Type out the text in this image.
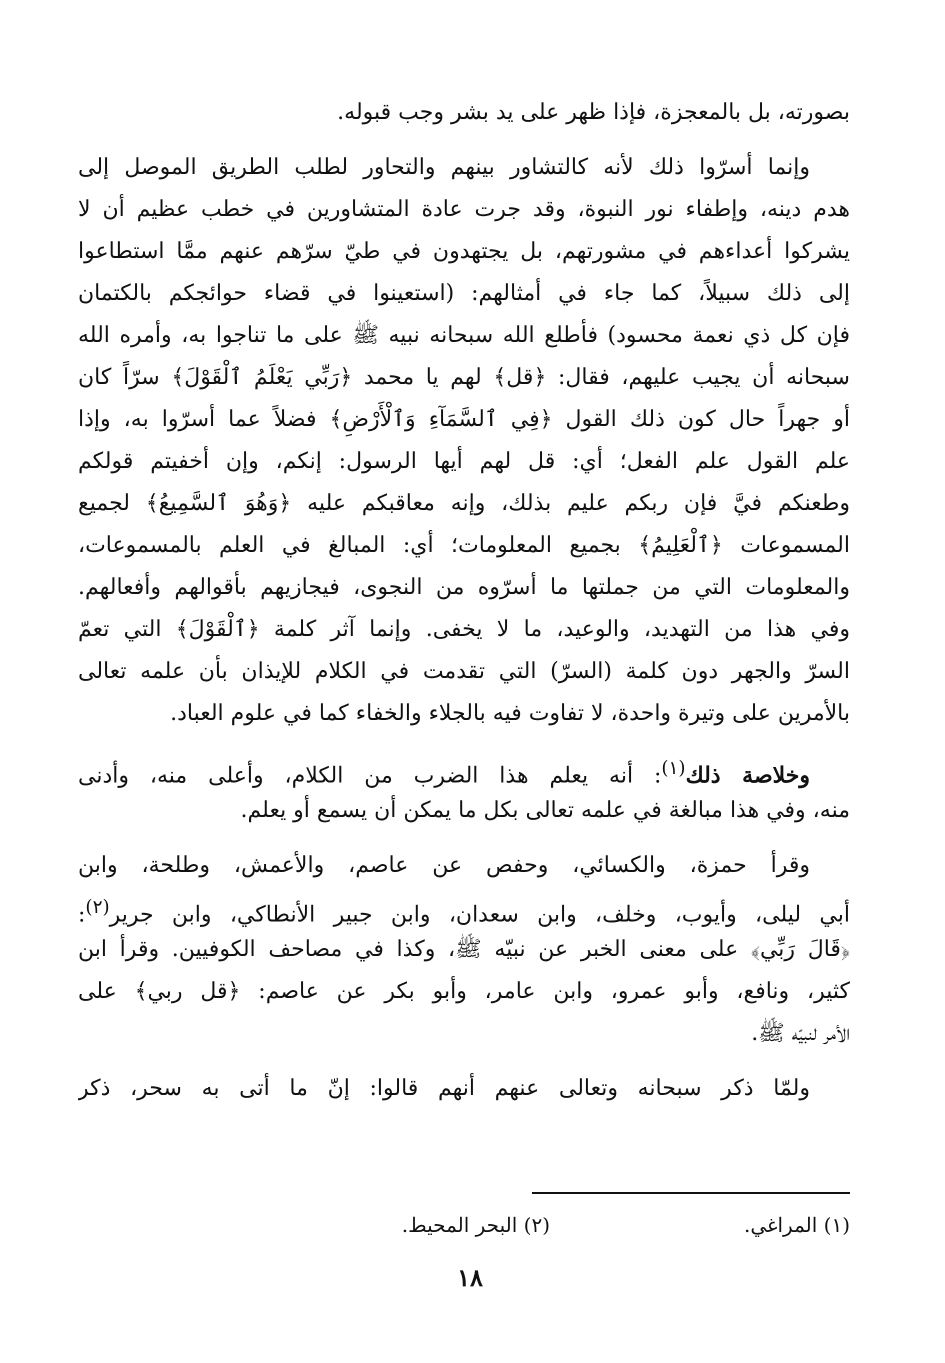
بصورته، بل بالمعجزة، فإذا ظهر على يد بشر وجب قبوله.

وإنما أسرّوا ذلك لأنه كالتشاور بينهم والتحاور لطلب الطريق الموصل إلى
هدم دينه، وإطفاء نور النبوة، وقد جرت عادة المتشاورين في خطب عظيم أن لا
يشركوا أعداءهم في مشورتهم، بل يجتهدون في طيّ سرّهم عنهم ممَّا استطاعوا
إلى ذلك سبيلاً، كما جاء في أمثالهم: (استعينوا في قضاء حوائجكم بالكتمان
فإن كل ذي نعمة محسود) فأطلع الله سبحانه نبيه ﷺ على ما تناجوا به، وأمره الله
سبحانه أن يجيب عليهم، فقال: ﴿قل﴾ لهم يا محمد ﴿رَبِّي يَعْلَمُ ٱلْقَوْلَ﴾ سرّاً كان
أو جهراً حال كون ذلك القول ﴿فِي ٱلسَّمَآءِ وَٱلْأَرْضِ﴾ فضلاً عما أسرّوا به، وإذا
علم القول علم الفعل؛ أي: قل لهم أيها الرسول: إنكم، وإن أخفيتم قولكم
وطعنكم فيَّ فإن ربكم عليم بذلك، وإنه معاقبكم عليه ﴿وَهُوَ ٱلسَّمِيعُ﴾ لجميع
المسموعات ﴿ٱلْعَلِيمُ﴾ بجميع المعلومات؛ أي: المبالغ في العلم بالمسموعات،
والمعلومات التي من جملتها ما أسرّوه من النجوى، فيجازيهم بأقوالهم وأفعالهم.
وفي هذا من التهديد، والوعيد، ما لا يخفى. وإنما آثر كلمة ﴿ٱلْقَوْلَ﴾ التي تعمّ
السرّ والجهر دون كلمة (السرّ) التي تقدمت في الكلام للإيذان بأن علمه تعالى
بالأمرين على وتيرة واحدة، لا تفاوت فيه بالجلاء والخفاء كما في علوم العباد.

وخلاصة ذلك$^{(١)}$: أنه يعلم هذا الضرب من الكلام، وأعلى منه، وأدنى
منه، وفي هذا مبالغة في علمه تعالى بكل ما يمكن أن يسمع أو يعلم.

وقرأ حمزة، والكسائي، وحفص عن عاصم، والأعمش، وطلحة، وابن
أبي ليلى، وأيوب، وخلف، وابن سعدان، وابن جبير الأنطاكي، وابن جرير$^{(٢)}$:
﴿قَالَ رَبِّي﴾ على معنى الخبر عن نبيّه ﷺ، وكذا في مصاحف الكوفيين. وقرأ ابن
كثير، ونافع، وأبو عمرو، وابن عامر، وأبو بكر عن عاصم: ﴿قل ربي﴾ على
الأمر لنبيّه ﷺ.

ولمّا ذكر سبحانه وتعالى عنهم أنهم قالوا: إنّ ما أتى به سحر، ذكر

(١) المراغي.
(٢) البحر المحيط.
١٨
